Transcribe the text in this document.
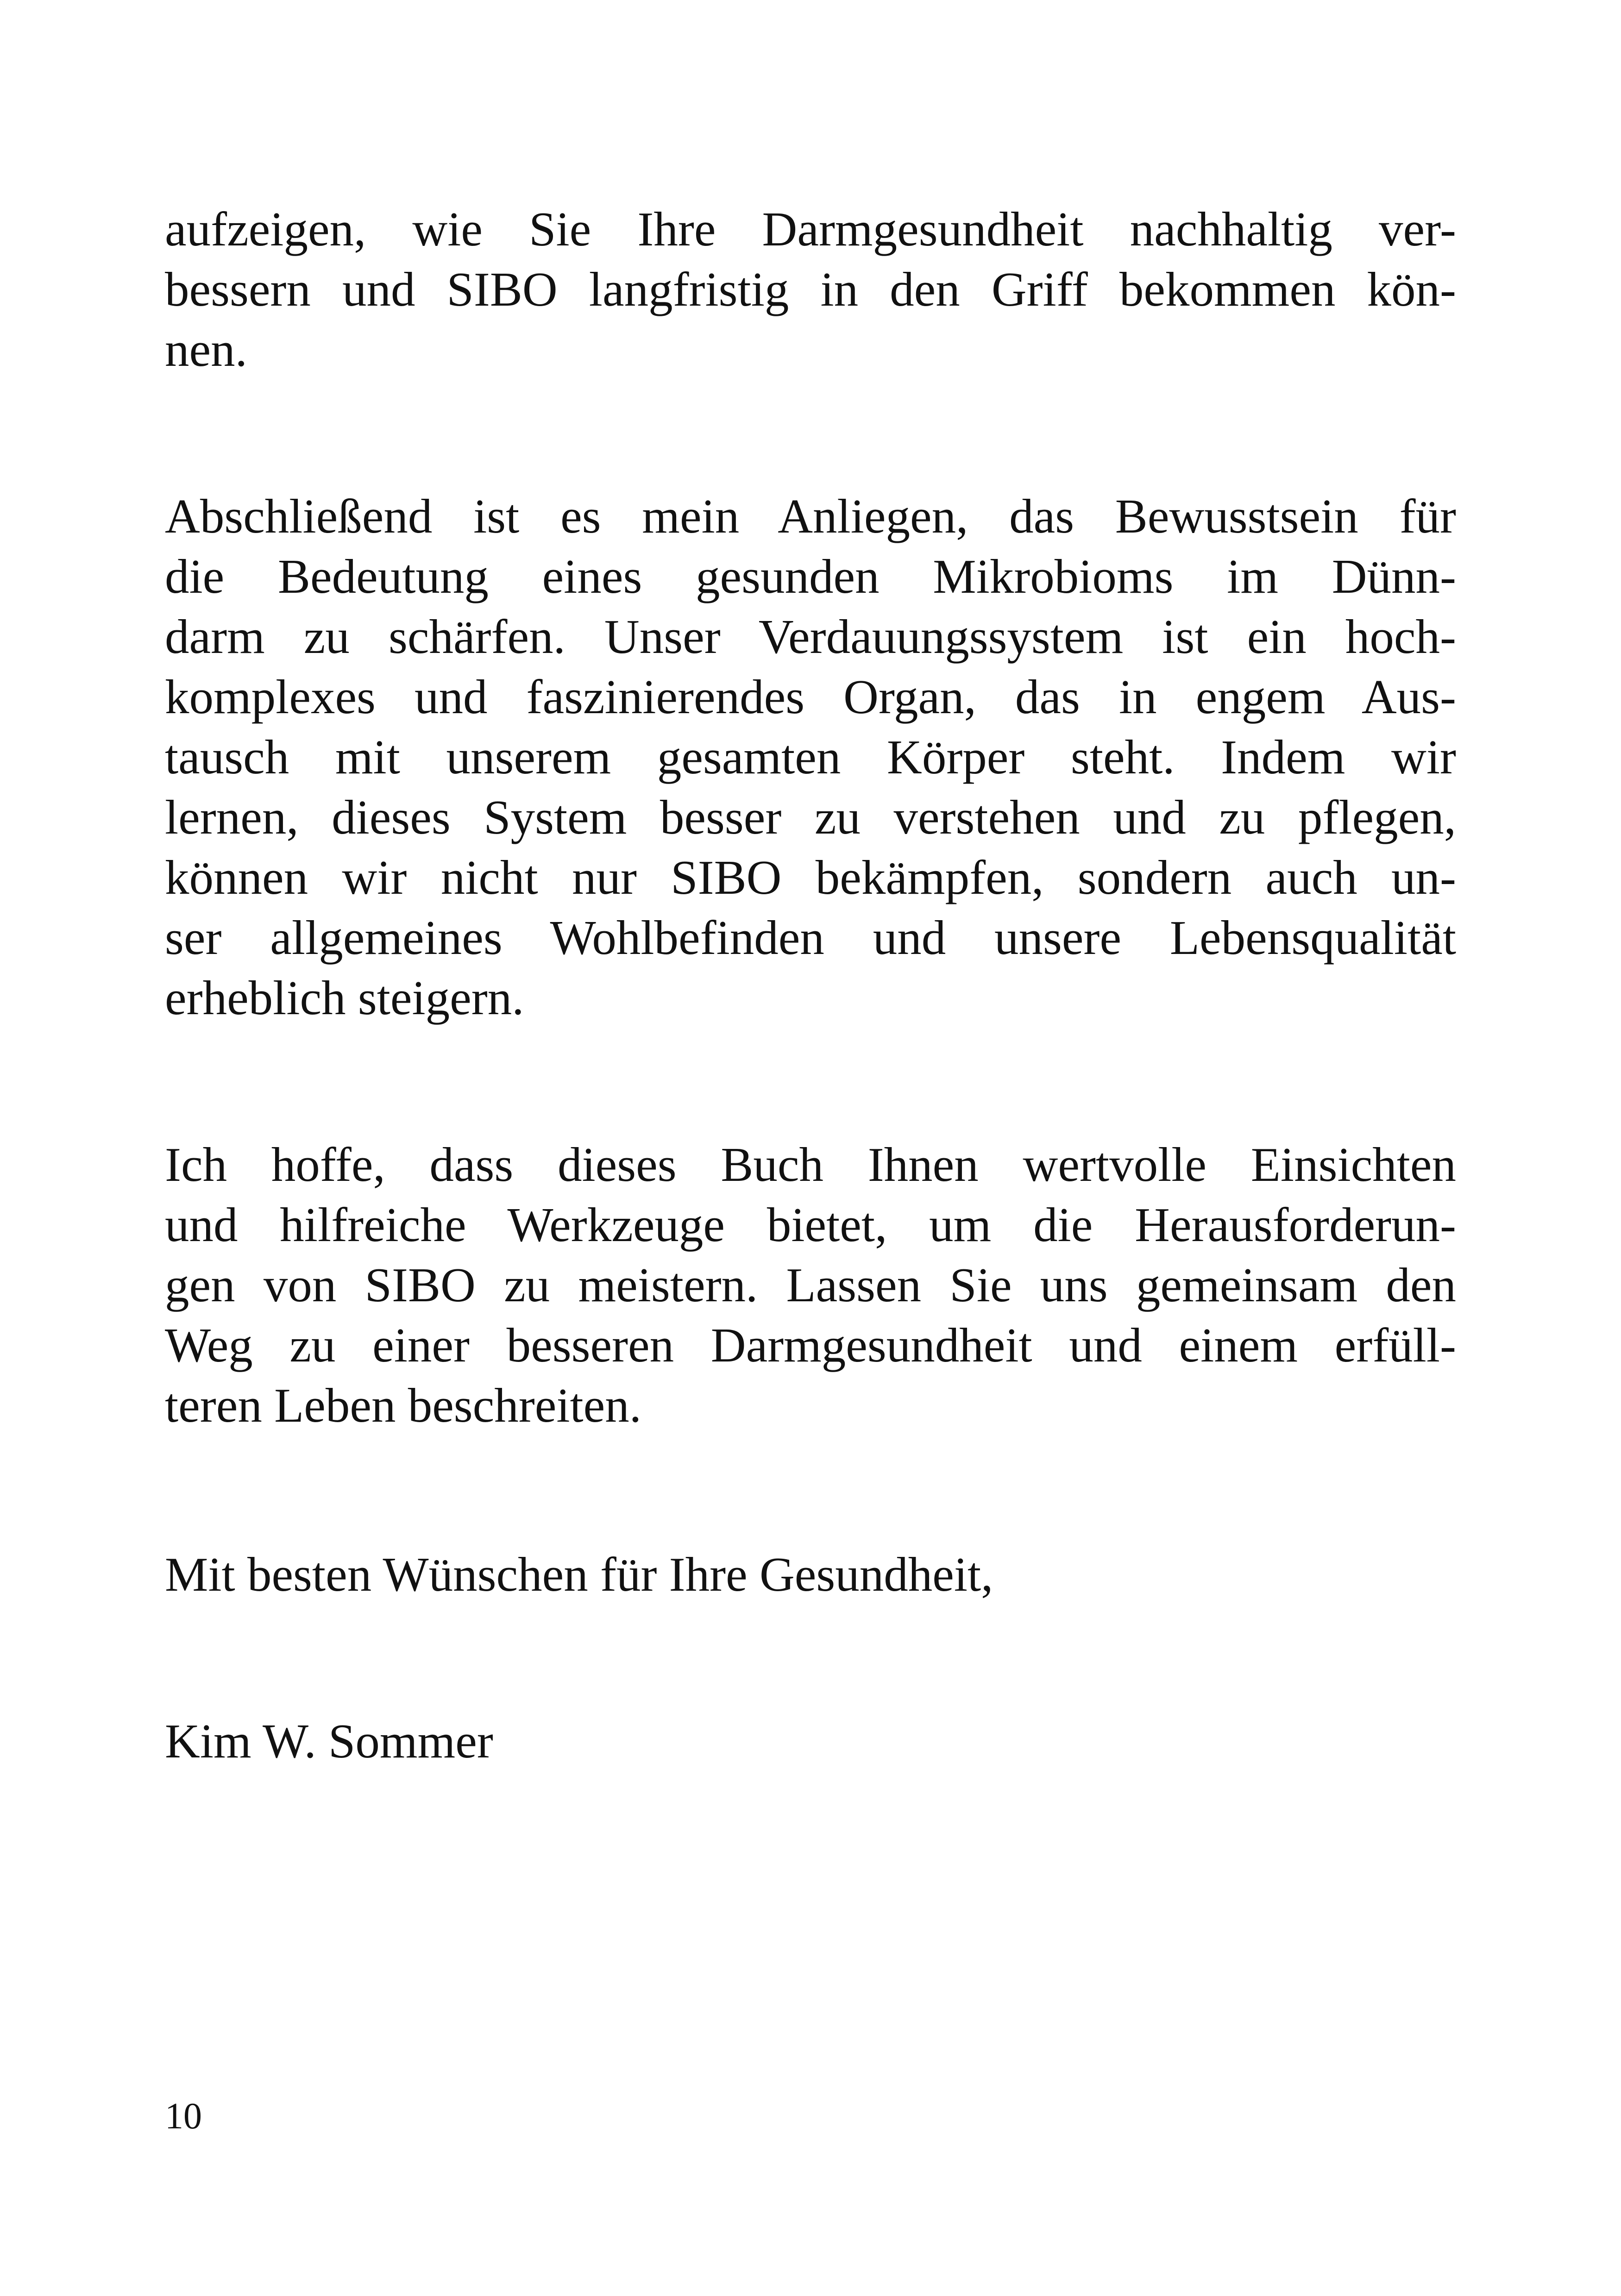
aufzeigen, wie Sie Ihre Darmgesundheit nachhaltig ver-
bessern und SIBO langfristig in den Griff bekommen kön-
nen.
Abschließend ist es mein Anliegen, das Bewusstsein für
die Bedeutung eines gesunden Mikrobioms im Dünn-
darm zu schärfen. Unser Verdauungssystem ist ein hoch-
komplexes und faszinierendes Organ, das in engem Aus-
tausch mit unserem gesamten Körper steht. Indem wir
lernen, dieses System besser zu verstehen und zu pflegen,
können wir nicht nur SIBO bekämpfen, sondern auch un-
ser allgemeines Wohlbefinden und unsere Lebensqualität
erheblich steigern.
Ich hoffe, dass dieses Buch Ihnen wertvolle Einsichten
und hilfreiche Werkzeuge bietet, um die Herausforderun-
gen von SIBO zu meistern. Lassen Sie uns gemeinsam den
Weg zu einer besseren Darmgesundheit und einem erfüll-
teren Leben beschreiten.
Mit besten Wünschen für Ihre Gesundheit,
Kim W. Sommer
10
